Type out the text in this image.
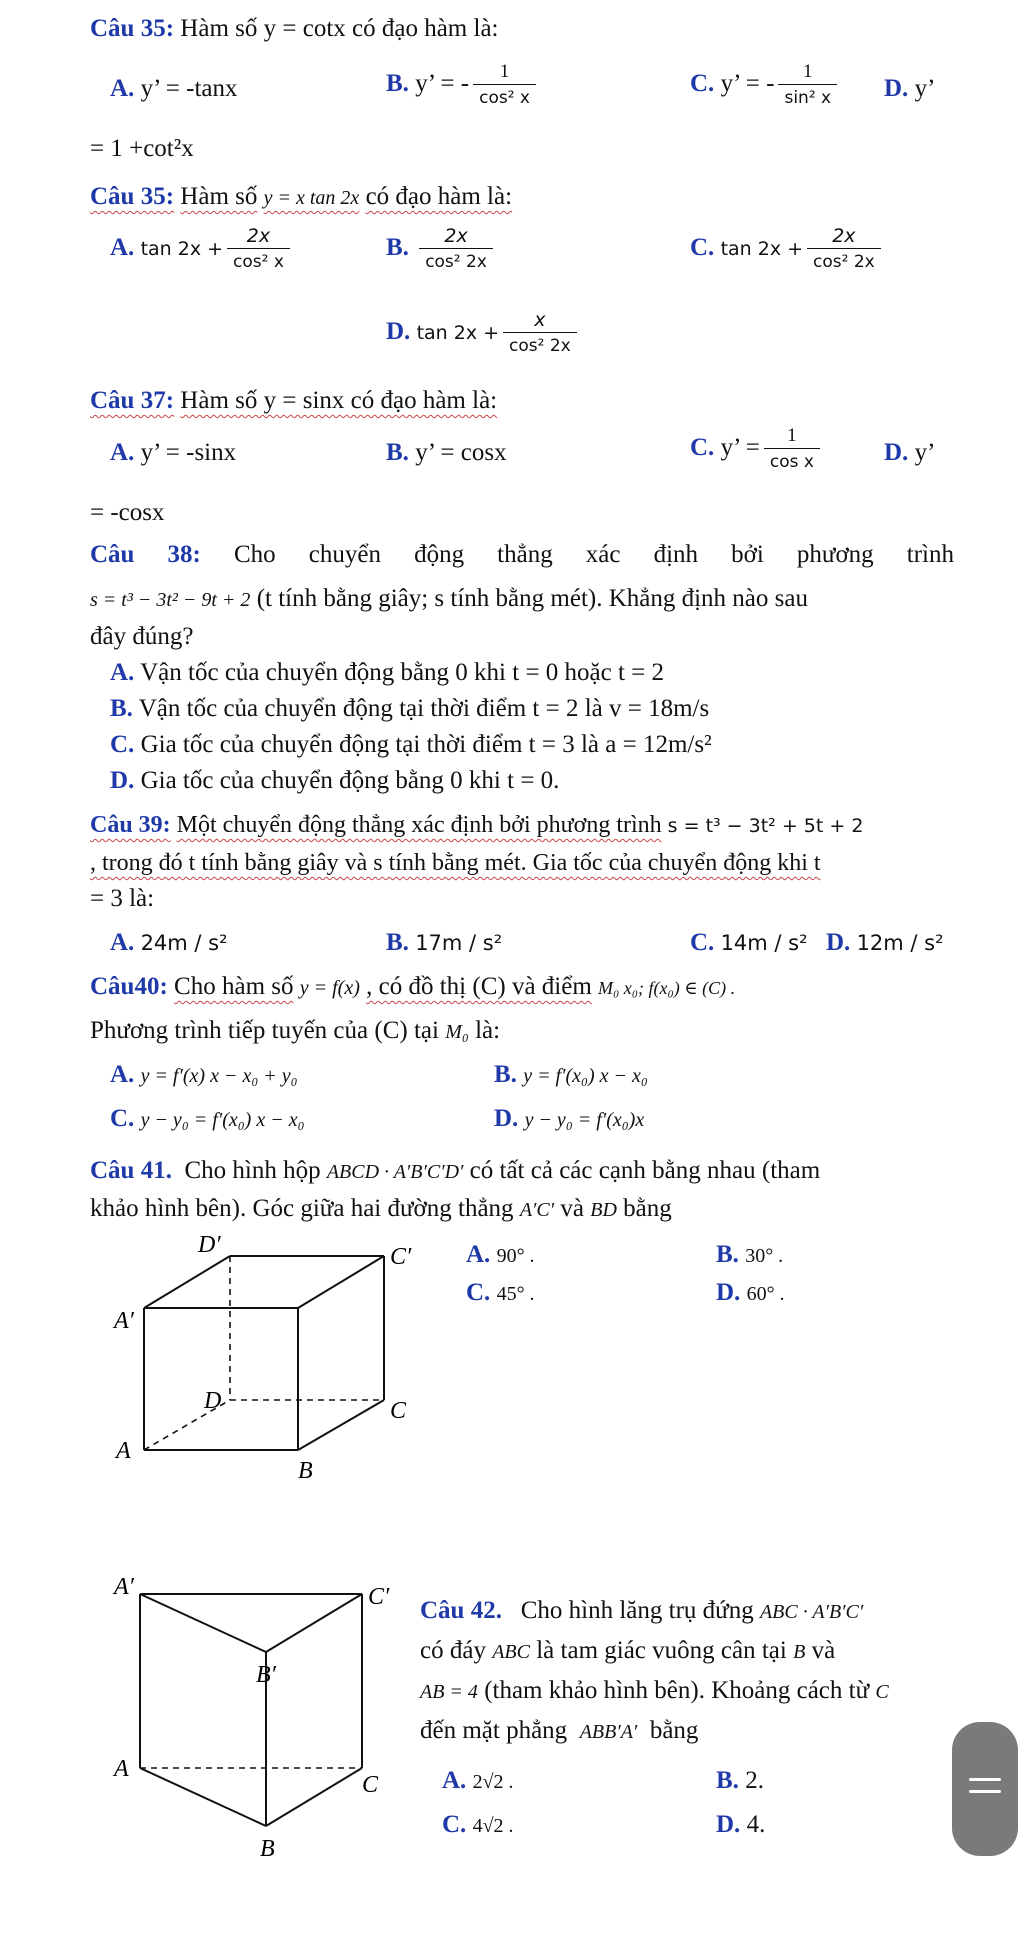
Câu 35: Hàm số y = cotx có đạo hàm là:
A. y’ = -tanx	B. y’ = - $\frac{1}{\text{cos² x}}$	C. y’ = - $\frac{1}{\text{sin² x}} D$. y’
= 1 +cot²x
Câu 35: Hàm số y = x tan 2x có đạo hàm là:
A. $\tan 2x + \frac{2x}{\text{cos² x}}$	B. $\frac{2x}{\text{cos² 2x}}$	C. $\tan 2x + \frac{2x}{\text{cos² 2x}}$
D. $\tan 2x + \frac{x}{\text{cos² 2x}}$
Câu 37: Hàm số y = sinx có đạo hàm là:
A. y’ = -sinx	B. y’ = cosx	C. y’ = $\frac{1}{\text{cos x}}$	D. y’
= -cosx
Câu 38: Cho chuyển động thẳng xác định bởi phương trình
s = t³ − 3t² − 9t + 2 (t tính bằng giây; s tính bằng mét). Khẳng định nào sau
đây đúng?
A. Vận tốc của chuyển động bằng 0 khi t = 0 hoặc t = 2
B. Vận tốc của chuyển động tại thời điểm t = 2 là v = 18m/s
C. Gia tốc của chuyển động tại thời điểm t = 3 là a = 12m/s²
D. Gia tốc của chuyển động bằng 0 khi t = 0.
Câu 39: Một chuyển động thẳng xác định bởi phương trình s = t³ − 3t² + 5t + 2
, trong đó t tính bằng giây và s tính bằng mét. Gia tốc của chuyển động khi t
= 3 là:
A. 24m / s²	B. 17m / s²	C. 14m / s² D. 12m / s²
Câu40: Cho hàm số y = f(x) , có đồ thị (C) và điểm M₀ x₀; f(x₀) ∈ (C) .
Phương trình tiếp tuyến của (C) tại M₀ là:
A. y = f′(x) x − x₀ + y₀	B. y = f′(x₀) x − x₀
C. y − y₀ = f′(x₀) x − x₀	D. y − y₀ = f′(x₀)x
Câu 41. Cho hình hộp ABCD · A′B′C′D′ có tất cả các cạnh bằng nhau (tham
khảo hình bên). Góc giữa hai đường thẳng A′C′ và BD bằng
A. 90° .	B. 30° .
C. 45° .	D. 60° .
D′	C′
A′
D	C
A
B
A′	C′
B′
A
C
B
Câu 42. Cho hình lăng trụ đứng ABC · A′B′C′
có đáy ABC là tam giác vuông cân tại B và
AB = 4 (tham khảo hình bên). Khoảng cách từ C
đến mặt phẳng ABB′A′ bằng
A. 2√2 .	B. 2.
C. 4√2 .	D. 4.
